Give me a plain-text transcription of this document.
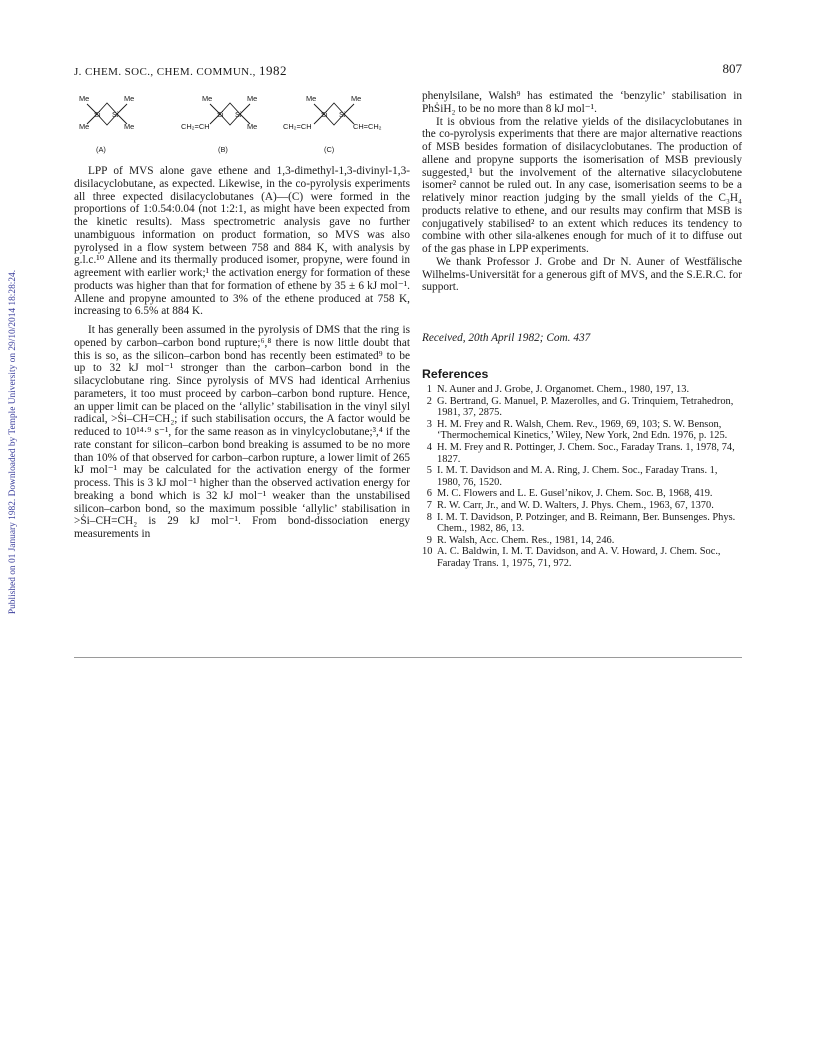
Published on 01 January 1982. Downloaded by Temple University on 29/10/2014 18:28:24.
J. CHEM. SOC., CHEM. COMMUN., 1982	807
Me	Me
Me	Me
Si Si
(A)
Me	Me
CH₂=CH	Me
Si Si
(B)
Me	Me
CH₂=CH	CH=CH₂
Si Si
(C)

LPP of MVS alone gave ethene and 1,3-dimethyl-1,3-divinyl-1,3-disilacyclobutane, as expected. Likewise, in the co-pyrolysis experiments all three expected disilacyclobutanes (A)—(C) were formed in the proportions of 1:0.54:0.04 (not 1:2:1, as might have been expected from the kinetic results). Mass spectrometric analysis gave no further unambiguous information on product formation, so MVS was also pyrolysed in a flow system between 758 and 884 K, with analysis by g.l.c.¹⁰ Allene and its thermally produced isomer, propyne, were found in agreement with earlier work;¹ the activation energy for formation of these products was higher than that for formation of ethene by 35 ± 6 kJ mol⁻¹. Allene and propyne amounted to 3% of the ethene produced at 758 K, increasing to 6.5% at 884 K.

It has generally been assumed in the pyrolysis of DMS that the ring is opened by carbon–carbon bond rupture;⁶,⁸ there is now little doubt that this is so, as the silicon–carbon bond has recently been estimated⁹ to be up to 32 kJ mol⁻¹ stronger than the carbon–carbon bond in the silacyclobutane ring. Since pyrolysis of MVS had identical Arrhenius parameters, it too must proceed by carbon–carbon bond rupture. Hence, an upper limit can be placed on the ‘allylic’ stabilisation in the vinyl silyl radical, >Ṡi–CH=CH₂; if such stabilisation occurs, the A factor would be reduced to 10¹⁴·⁹ s⁻¹, for the same reason as in vinylcyclobutane;³,⁴ if the rate constant for silicon–carbon bond breaking is assumed to be no more than 10% of that observed for carbon–carbon rupture, a lower limit of 265 kJ mol⁻¹ may be calculated for the activation energy of the former process. This is 3 kJ mol⁻¹ higher than the observed activation energy for breaking a bond which is 32 kJ mol⁻¹ weaker than the unstabilised silicon–carbon bond, so the maximum possible ‘allylic’ stabilisation in >Ṡi–CH=CH₂ is 29 kJ mol⁻¹. From bond-dissociation energy measurements in

phenylsilane, Walsh⁹ has estimated the ‘benzylic’ stabilisation in PhṠiH₂ to be no more than 8 kJ mol⁻¹.

It is obvious from the relative yields of the disilacyclobutanes in the co-pyrolysis experiments that there are major alternative reactions of MSB besides formation of disilacyclobutanes. The production of allene and propyne supports the isomerisation of MSB previously suggested,¹ but the involvement of the alternative silacyclobutene isomer² cannot be ruled out. In any case, isomerisation seems to be a relatively minor reaction judging by the small yields of the C₃H₄ products relative to ethene, and our results may confirm that MSB is conjugatively stabilised² to an extent which reduces its tendency to combine with other sila-alkenes enough for much of it to diffuse out of the gas phase in LPP experiments.

We thank Professor J. Grobe and Dr N. Auner of Westfälische Wilhelms-Universität for a generous gift of MVS, and the S.E.R.C. for support.

Received, 20th April 1982; Com. 437
References
1 N. Auner and J. Grobe, J. Organomet. Chem., 1980, 197, 13.
2 G. Bertrand, G. Manuel, P. Mazerolles, and G. Trinquiem, Tetrahedron, 1981, 37, 2875.
3 H. M. Frey and R. Walsh, Chem. Rev., 1969, 69, 103; S. W. Benson, ‘Thermochemical Kinetics,’ Wiley, New York, 2nd Edn. 1976, p. 125.
4 H. M. Frey and R. Pottinger, J. Chem. Soc., Faraday Trans. 1, 1978, 74, 1827.
5 I. M. T. Davidson and M. A. Ring, J. Chem. Soc., Faraday Trans. 1, 1980, 76, 1520.
6 M. C. Flowers and L. E. Gusel’nikov, J. Chem. Soc. B, 1968, 419.
7 R. W. Carr, Jr., and W. D. Walters, J. Phys. Chem., 1963, 67, 1370.
8 I. M. T. Davidson, P. Potzinger, and B. Reimann, Ber. Bunsenges. Phys. Chem., 1982, 86, 13.
9 R. Walsh, Acc. Chem. Res., 1981, 14, 246.
10 A. C. Baldwin, I. M. T. Davidson, and A. V. Howard, J. Chem. Soc., Faraday Trans. 1, 1975, 71, 972.
